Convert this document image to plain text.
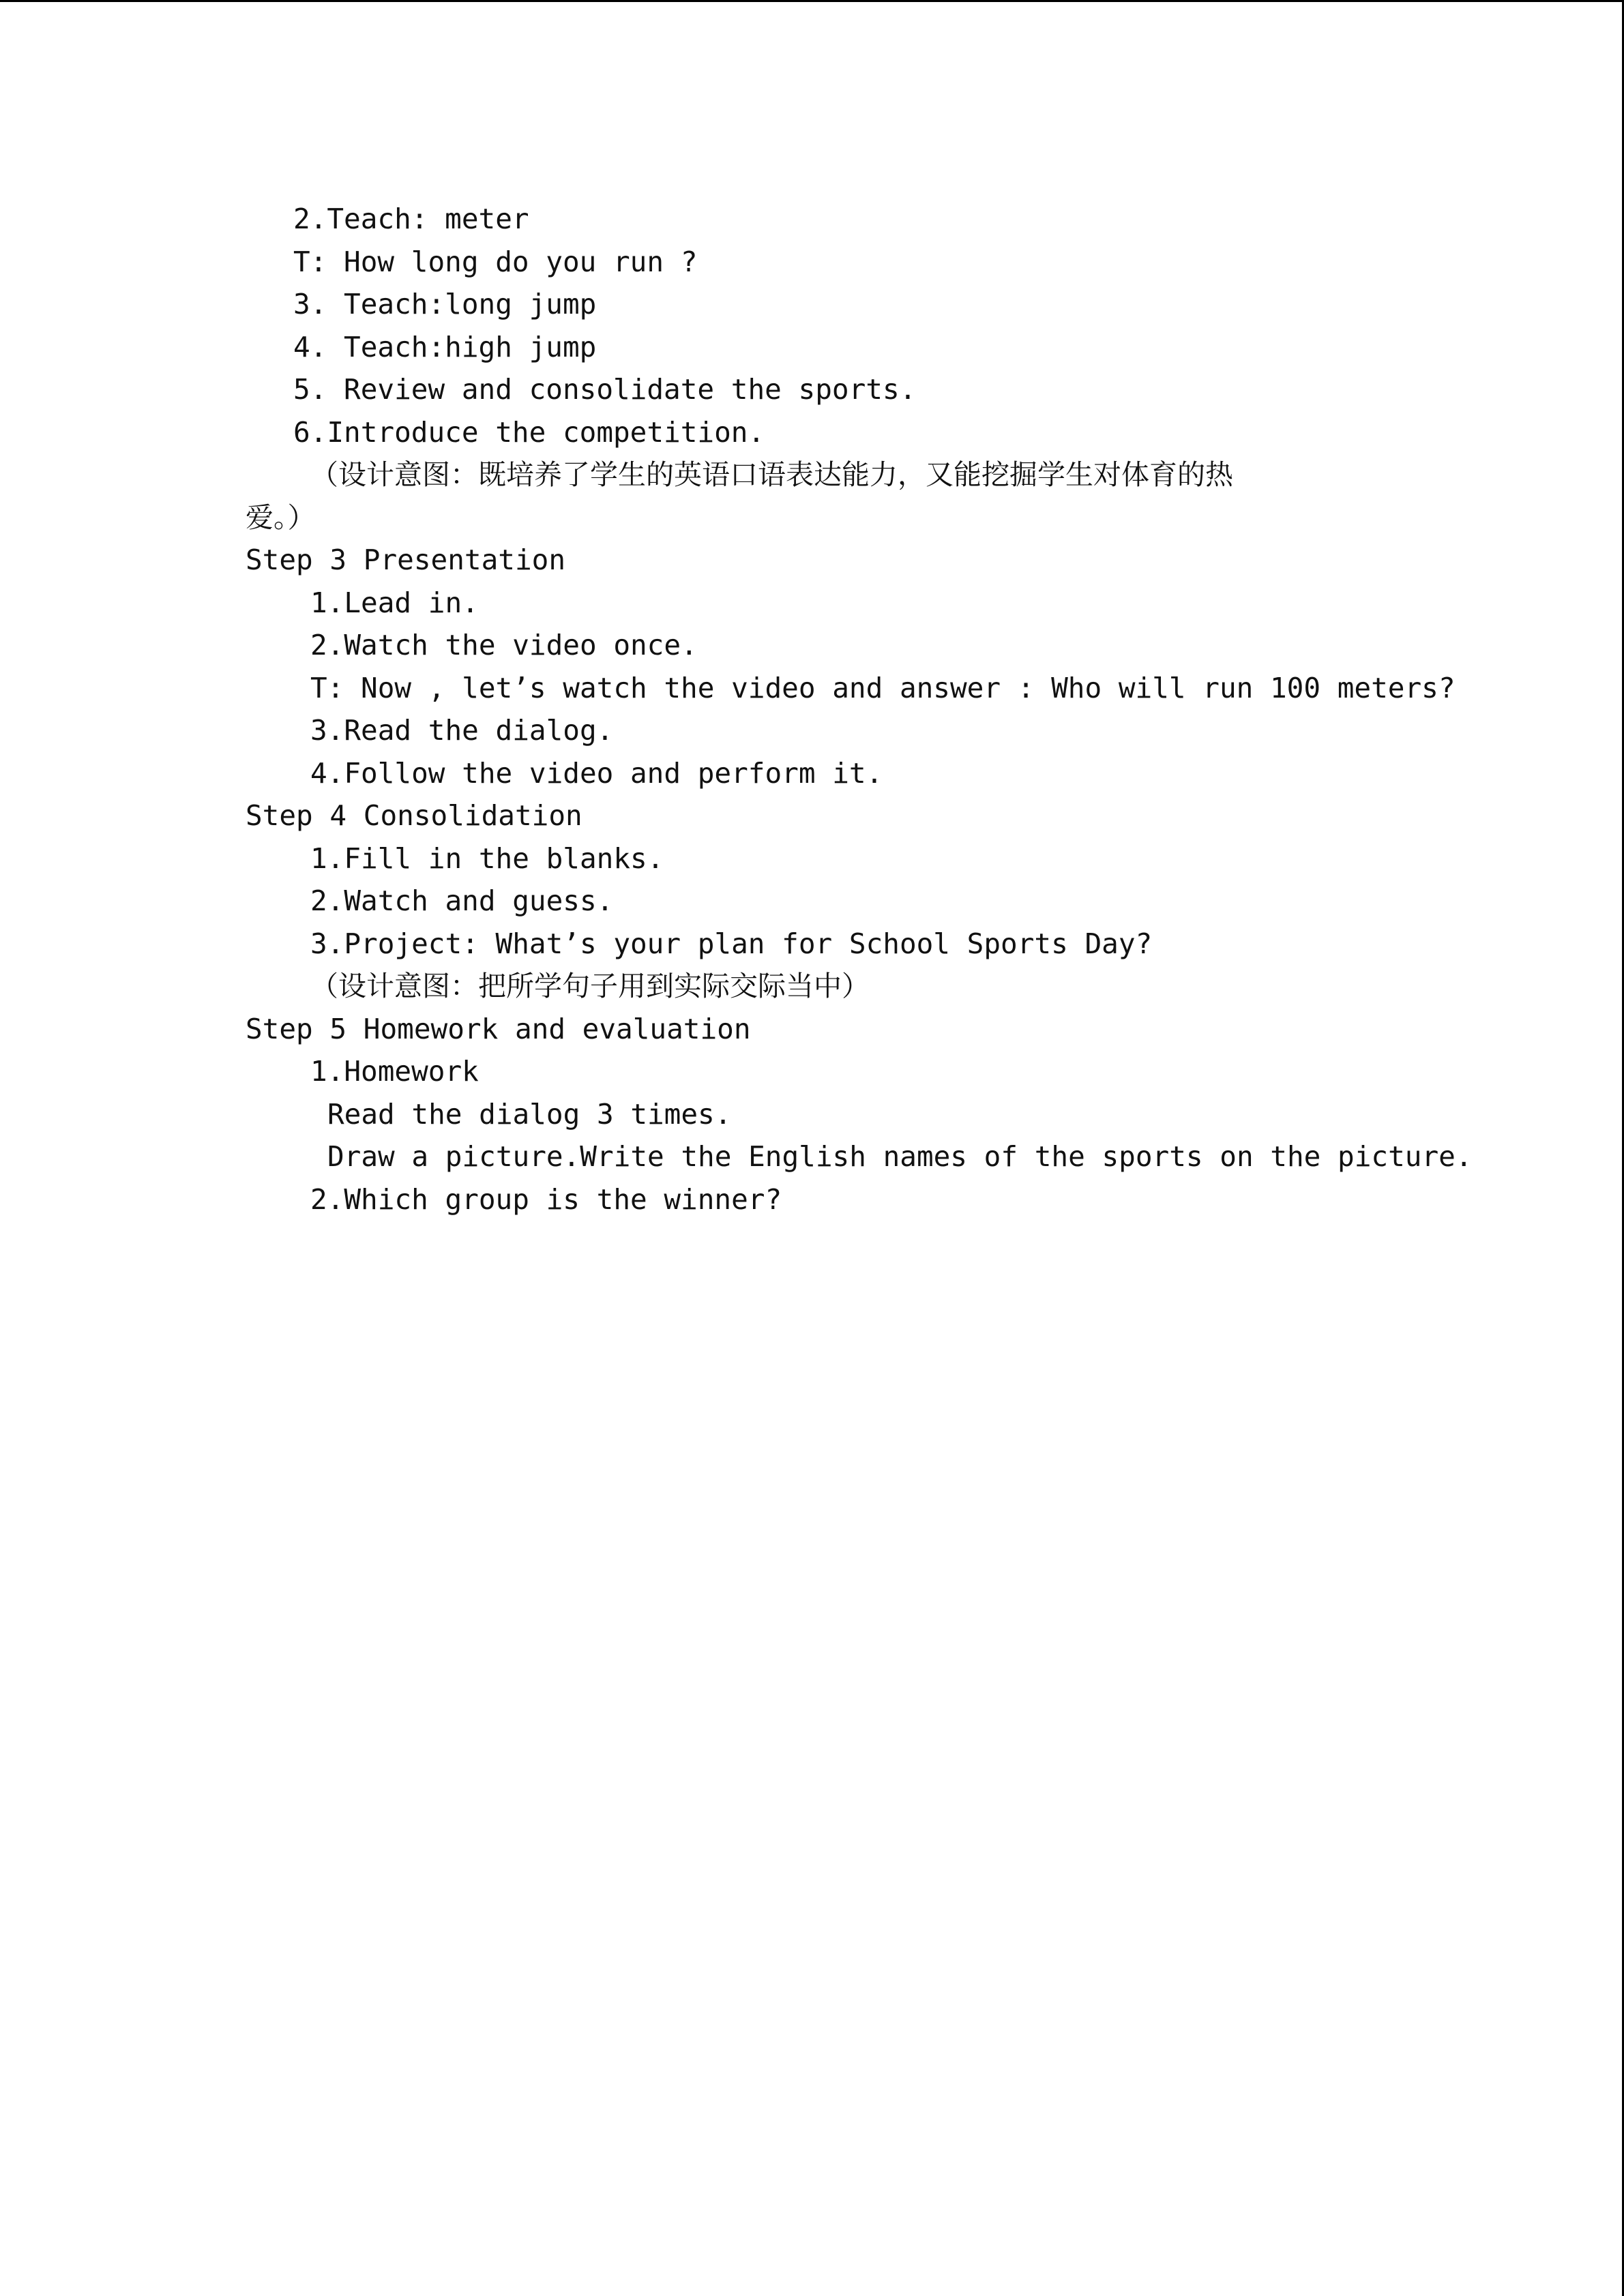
2.Teach: meter
T: How long do you run ?
3. Teach:long jump
4. Teach:high jump
5. Review and consolidate the sports.
6.Introduce the competition.
（设计意图：既培养了学生的英语口语表达能力，又能挖掘学生对体育的热
爱。）
Step 3 Presentation
1.Lead in.
2.Watch the video once.
T: Now , let’s watch the video and answer : Who will run 100 meters?
3.Read the dialog.
4.Follow the video and perform it.
Step 4 Consolidation
1.Fill in the blanks.
2.Watch and guess.
3.Project: What’s your plan for School Sports Day?
（设计意图：把所学句子用到实际交际当中）
Step 5 Homework and evaluation
1.Homework
Read the dialog 3 times.
Draw a picture.Write the English names of the sports on the picture.
2.Which group is the winner?
